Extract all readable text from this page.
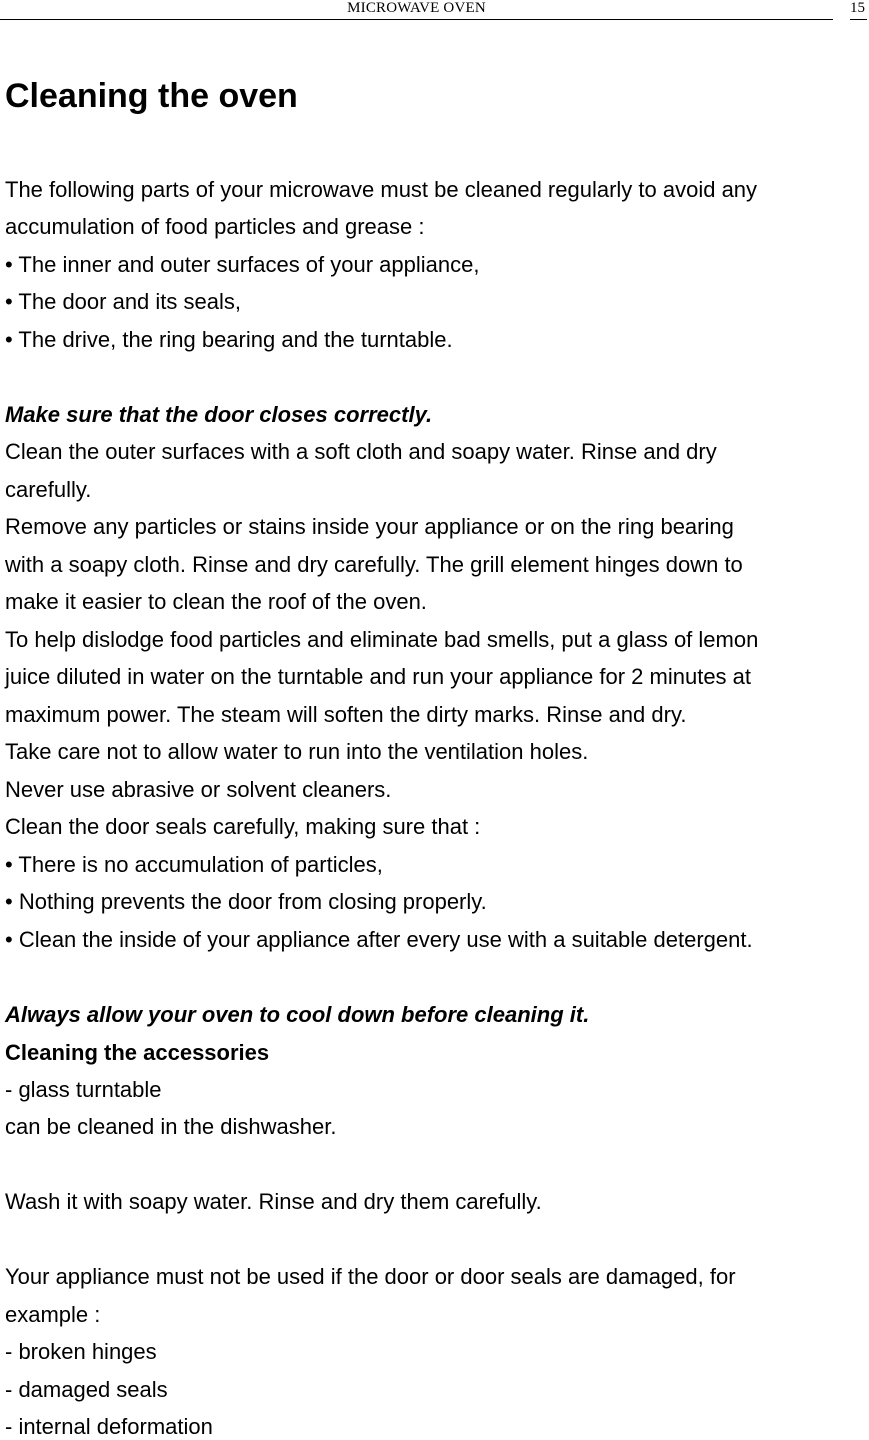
MICROWAVE OVEN	15
Cleaning the oven
The following parts of your microwave must be cleaned regularly to avoid any
accumulation of food particles and grease :
• The inner and outer surfaces of your appliance,
• The door and its seals,
• The drive, the ring bearing and the turntable.
Make sure that the door closes correctly.
Clean the outer surfaces with a soft cloth and soapy water. Rinse and dry
carefully.
Remove any particles or stains inside your appliance or on the ring bearing
with a soapy cloth. Rinse and dry carefully. The grill element hinges down to
make it easier to clean the roof of the oven.
To help dislodge food particles and eliminate bad smells, put a glass of lemon
juice diluted in water on the turntable and run your appliance for 2 minutes at
maximum power. The steam will soften the dirty marks. Rinse and dry.
Take care not to allow water to run into the ventilation holes.
Never use abrasive or solvent cleaners.
Clean the door seals carefully, making sure that :
• There is no accumulation of particles,
• Nothing prevents the door from closing properly.
• Clean the inside of your appliance after every use with a suitable detergent.
Always allow your oven to cool down before cleaning it.
Cleaning the accessories
- glass turntable
can be cleaned in the dishwasher.
Wash it with soapy water. Rinse and dry them carefully.
Your appliance must not be used if the door or door seals are damaged, for
example :
- broken hinges
- damaged seals
- internal deformation
